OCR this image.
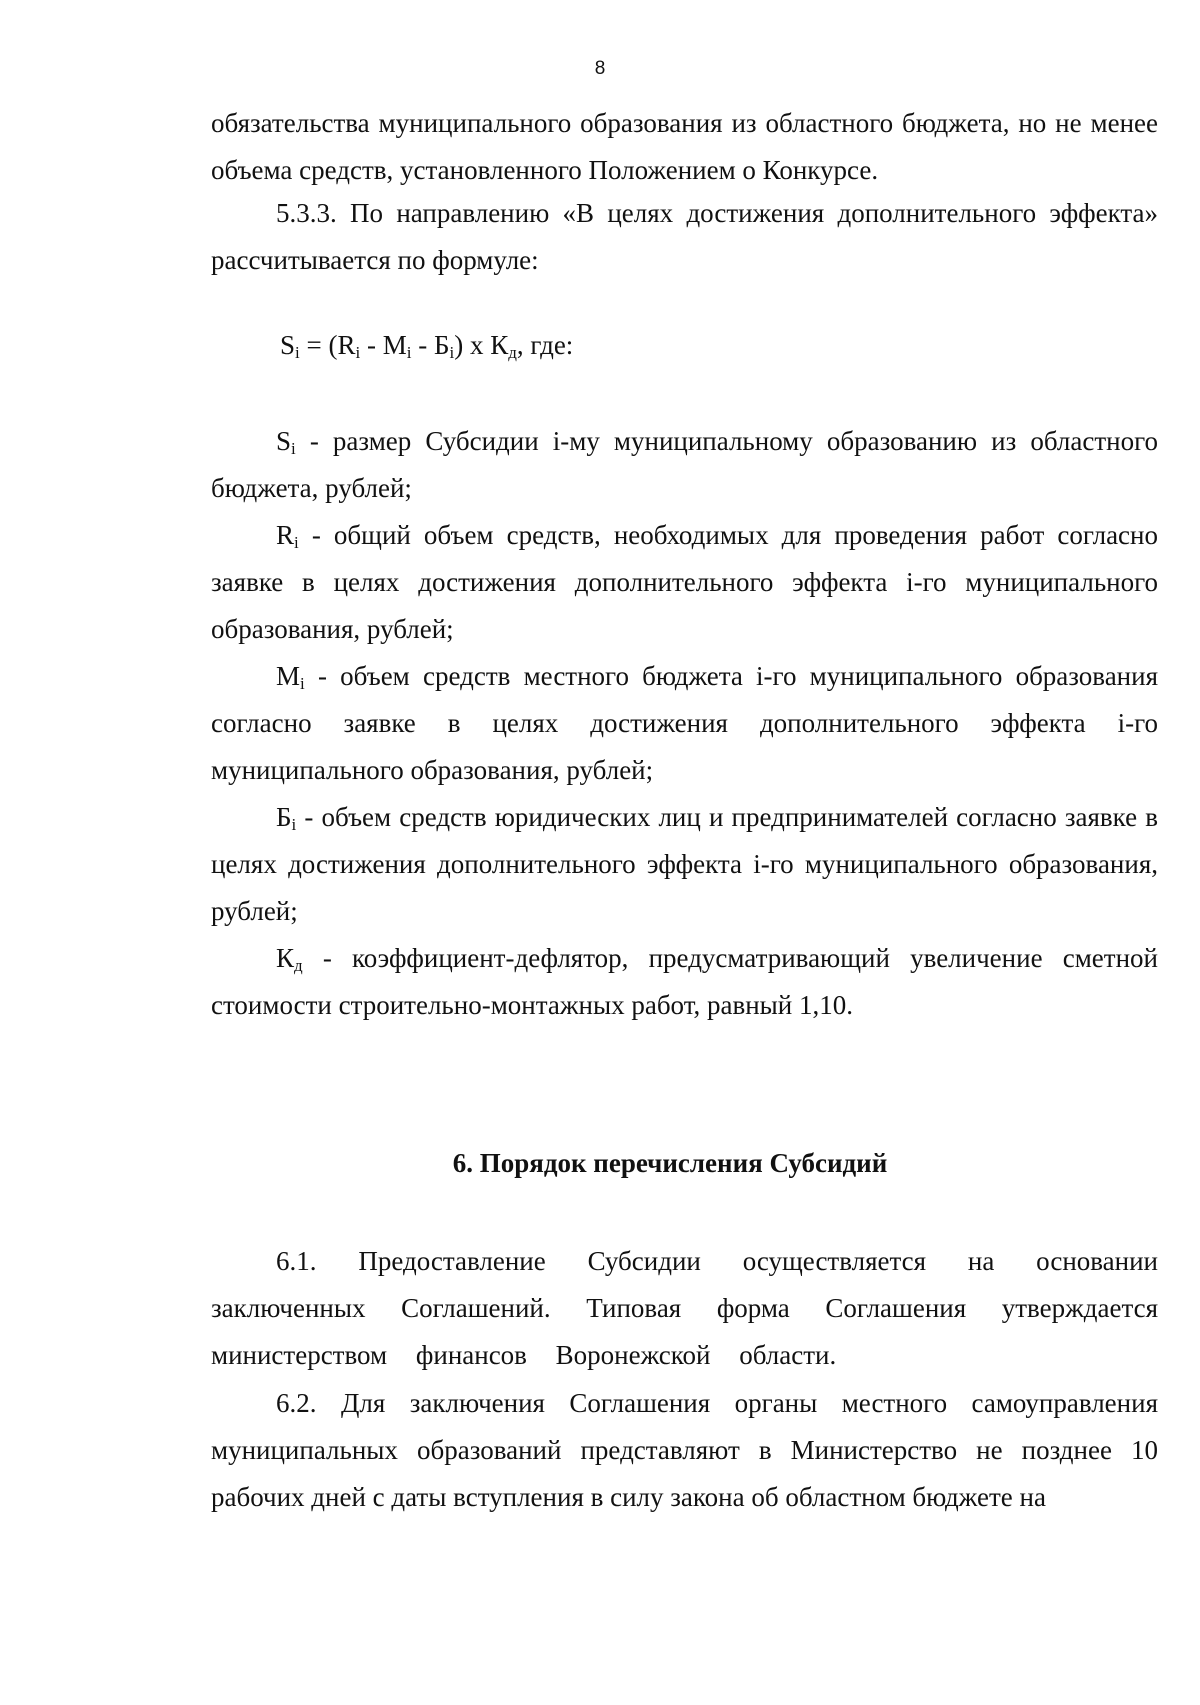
8

обязательства муниципального образования из областного бюджета, но не менее объема средств, установленного Положением о Конкурсе.

5.3.3. По направлению «В целях достижения дополнительного эффекта» рассчитывается по формуле:

$S_i = (R_i - M_i - Б_i)$ х $К_д$, где:

$S_i$ - размер Субсидии i-му муниципальному образованию из областного бюджета, рублей;

$R_i$ - общий объем средств, необходимых для проведения работ согласно заявке в целях достижения дополнительного эффекта i-го муниципального образования, рублей;

$M_i$ - объем средств местного бюджета i-го муниципального образования согласно заявке в целях достижения дополнительного эффекта i-го муниципального образования, рублей;

$Б_i$ - объем средств юридических лиц и предпринимателей согласно заявке в целях достижения дополнительного эффекта i-го муниципального образования, рублей;

$К_д$ - коэффициент-дефлятор, предусматривающий увеличение сметной стоимости строительно-монтажных работ, равный 1,10.

6. Порядок перечисления Субсидий

6.1. Предоставление Субсидии осуществляется на основании заключенных Соглашений. Типовая форма Соглашения утверждается министерством финансов Воронежской области.

6.2. Для заключения Соглашения органы местного самоуправления муниципальных образований представляют в Министерство не позднее 10 рабочих дней с даты вступления в силу закона об областном бюджете на
